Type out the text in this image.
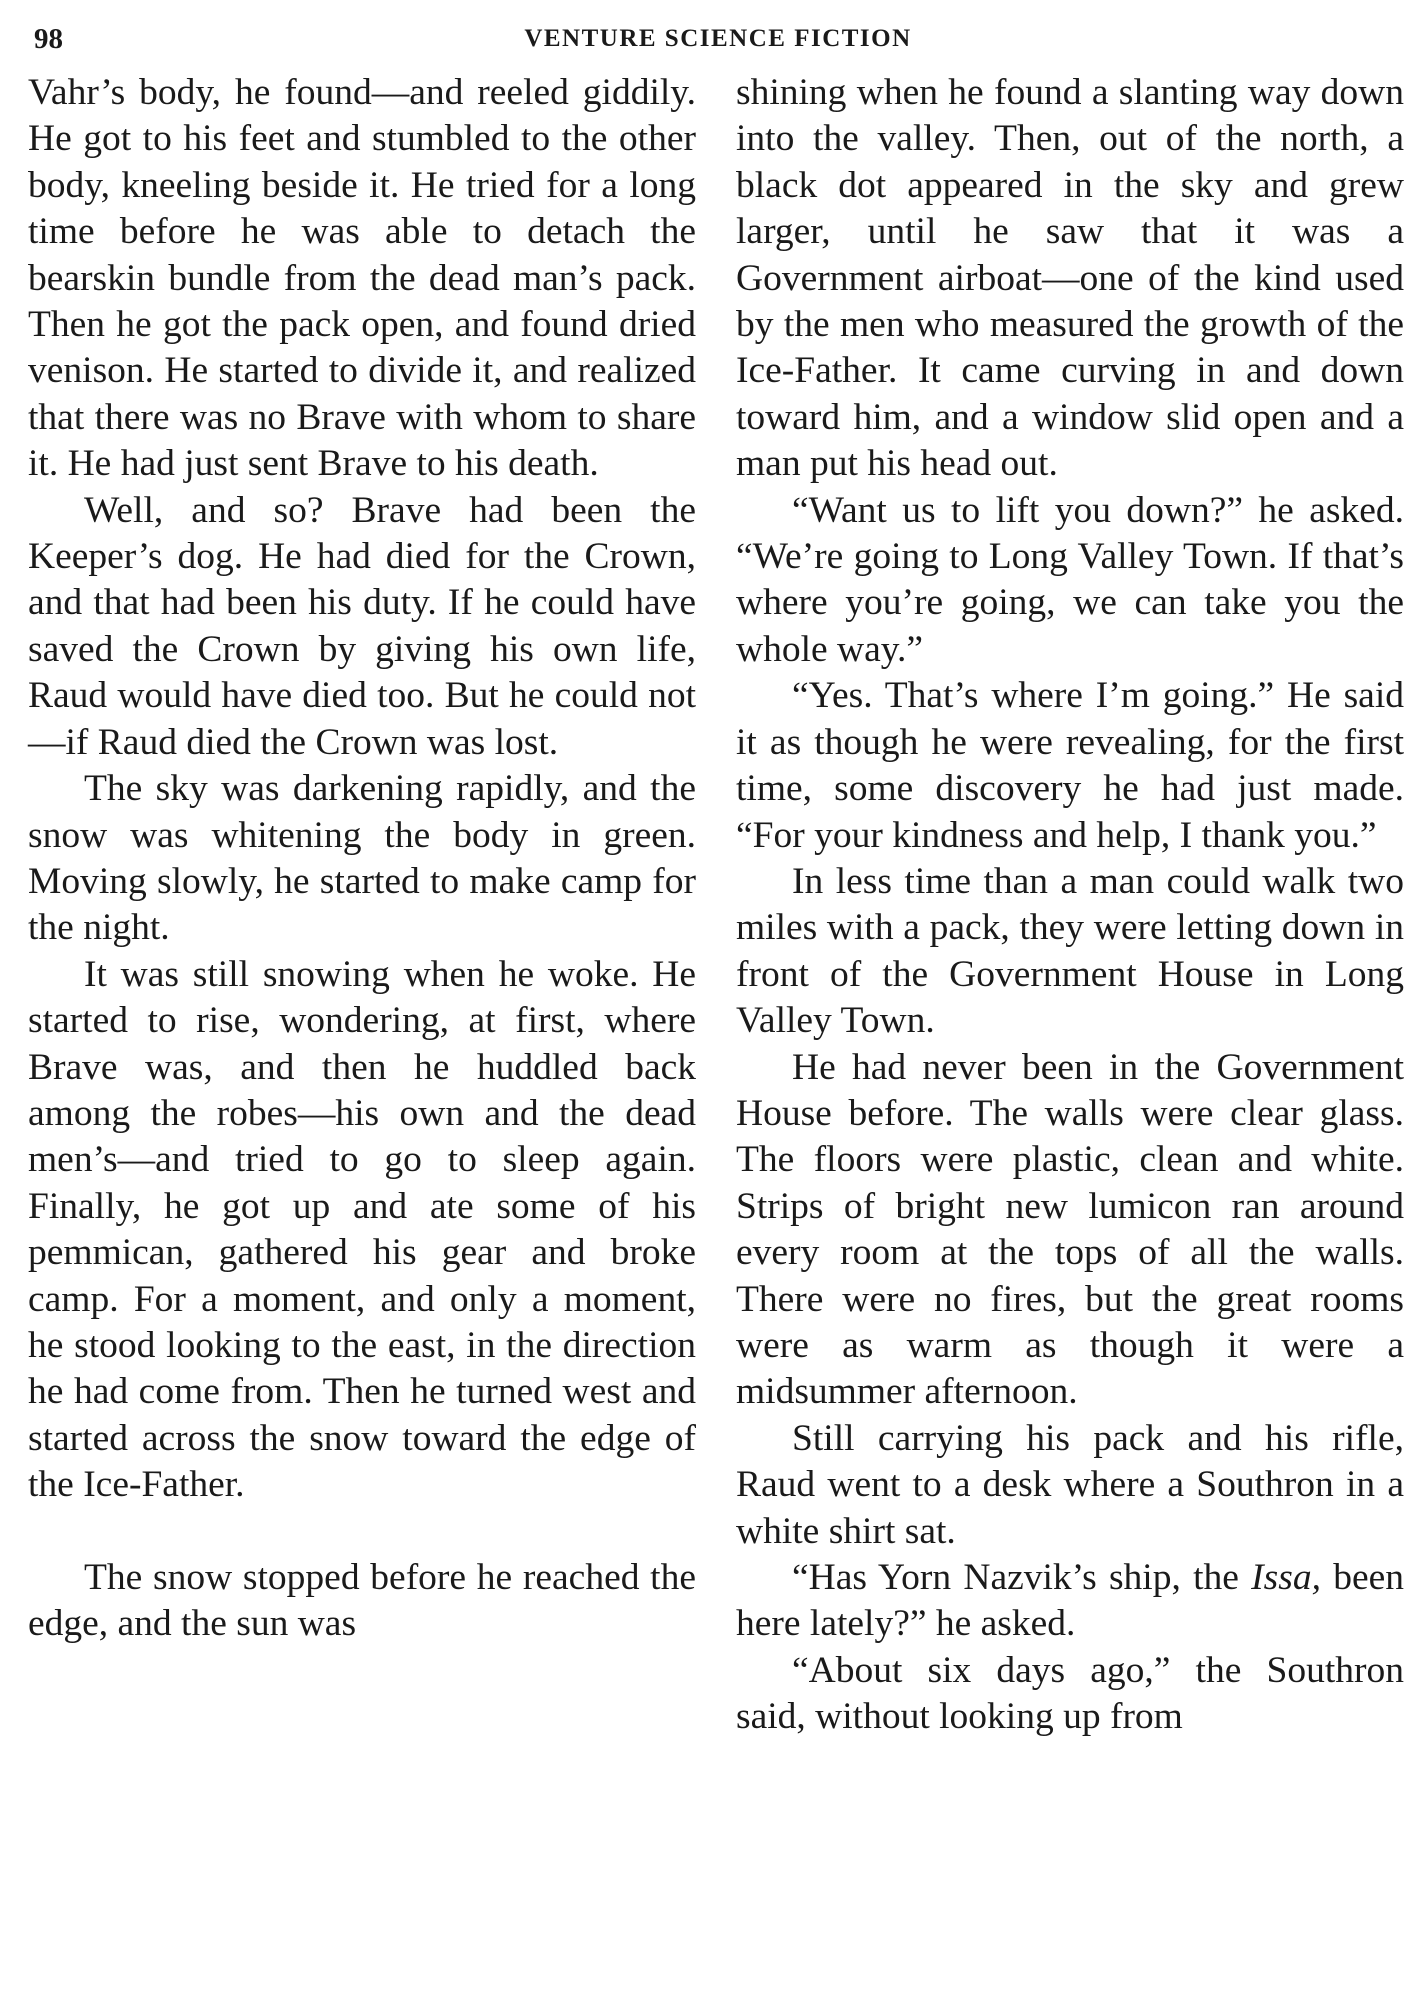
98	VENTURE SCIENCE FICTION

Vahr’s body, he found—and reeled giddily. He got to his feet and stumbled to the other body, kneeling beside it. He tried for a long time before he was able to detach the bearskin bundle from the dead man’s pack. Then he got the pack open, and found dried venison. He started to divide it, and realized that there was no Brave with whom to share it. He had just sent Brave to his death.

Well, and so? Brave had been the Keeper’s dog. He had died for the Crown, and that had been his duty. If he could have saved the Crown by giving his own life, Raud would have died too. But he could not—if Raud died the Crown was lost.

The sky was darkening rapidly, and the snow was whitening the body in green. Moving slowly, he started to make camp for the night.

It was still snowing when he woke. He started to rise, wondering, at first, where Brave was, and then he huddled back among the robes—his own and the dead men’s—and tried to go to sleep again. Finally, he got up and ate some of his pemmican, gathered his gear and broke camp. For a moment, and only a moment, he stood looking to the east, in the direction he had come from. Then he turned west and started across the snow toward the edge of the Ice-Father.

The snow stopped before he reached the edge, and the sun was

shining when he found a slanting way down into the valley. Then, out of the north, a black dot appeared in the sky and grew larger, until he saw that it was a Government airboat—one of the kind used by the men who measured the growth of the Ice-Father. It came curving in and down toward him, and a window slid open and a man put his head out.

“Want us to lift you down?” he asked. “We’re going to Long Valley Town. If that’s where you’re going, we can take you the whole way.”

“Yes. That’s where I’m going.” He said it as though he were revealing, for the first time, some discovery he had just made. “For your kindness and help, I thank you.”

In less time than a man could walk two miles with a pack, they were letting down in front of the Government House in Long Valley Town.

He had never been in the Government House before. The walls were clear glass. The floors were plastic, clean and white. Strips of bright new lumicon ran around every room at the tops of all the walls. There were no fires, but the great rooms were as warm as though it were a midsummer afternoon.

Still carrying his pack and his rifle, Raud went to a desk where a Southron in a white shirt sat.

“Has Yorn Nazvik’s ship, the Issa, been here lately?” he asked.

“About six days ago,” the Southron said, without looking up from
